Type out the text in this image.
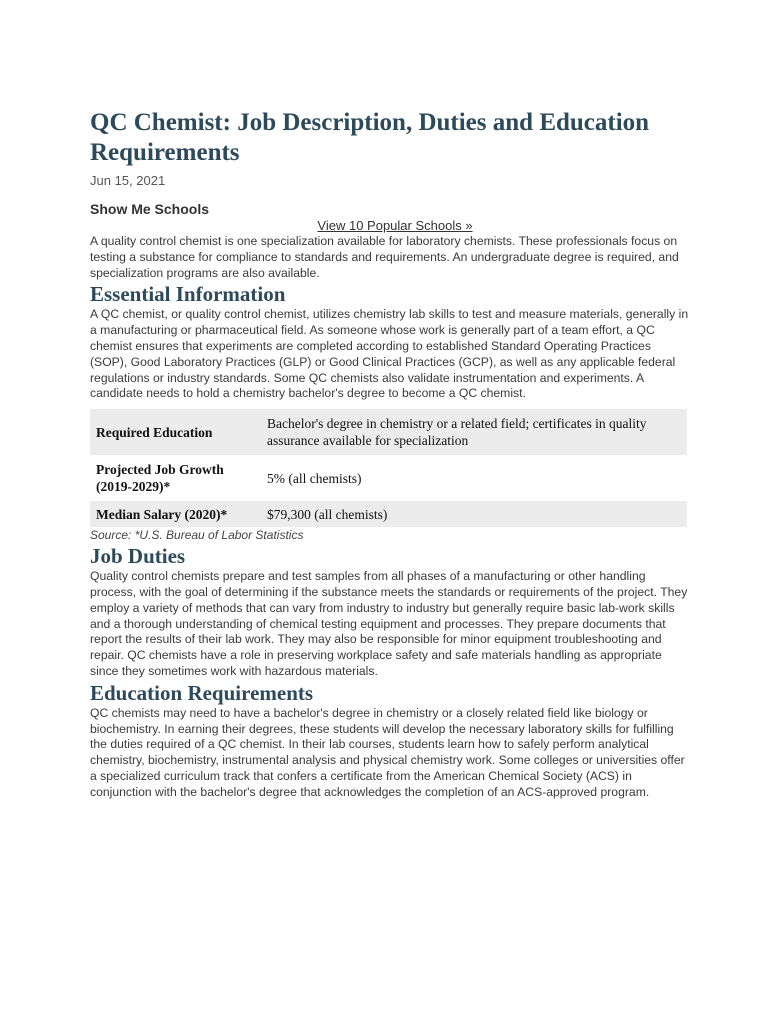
QC Chemist: Job Description, Duties and Education Requirements
Jun 15, 2021
Show Me Schools
View 10 Popular Schools »

A quality control chemist is one specialization available for laboratory chemists. These professionals focus on testing a substance for compliance to standards and requirements. An undergraduate degree is required, and specialization programs are also available.

Essential Information

A QC chemist, or quality control chemist, utilizes chemistry lab skills to test and measure materials, generally in a manufacturing or pharmaceutical field. As someone whose work is generally part of a team effort, a QC chemist ensures that experiments are completed according to established Standard Operating Practices (SOP), Good Laboratory Practices (GLP) or Good Clinical Practices (GCP), as well as any applicable federal regulations or industry standards. Some QC chemists also validate instrumentation and experiments. A candidate needs to hold a chemistry bachelor's degree to become a QC chemist.

Required Education	Bachelor's degree in chemistry or a related field; certificates in quality assurance available for specialization
Projected Job Growth (2019-2029)*	5% (all chemists)
Median Salary (2020)*	$79,300 (all chemists)
Source: *U.S. Bureau of Labor Statistics
Job Duties

Quality control chemists prepare and test samples from all phases of a manufacturing or other handling process, with the goal of determining if the substance meets the standards or requirements of the project. They employ a variety of methods that can vary from industry to industry but generally require basic lab-work skills and a thorough understanding of chemical testing equipment and processes. They prepare documents that report the results of their lab work. They may also be responsible for minor equipment troubleshooting and repair. QC chemists have a role in preserving workplace safety and safe materials handling as appropriate since they sometimes work with hazardous materials.

Education Requirements

QC chemists may need to have a bachelor's degree in chemistry or a closely related field like biology or biochemistry. In earning their degrees, these students will develop the necessary laboratory skills for fulfilling the duties required of a QC chemist. In their lab courses, students learn how to safely perform analytical chemistry, biochemistry, instrumental analysis and physical chemistry work. Some colleges or universities offer a specialized curriculum track that confers a certificate from the American Chemical Society (ACS) in conjunction with the bachelor's degree that acknowledges the completion of an ACS-approved program.
